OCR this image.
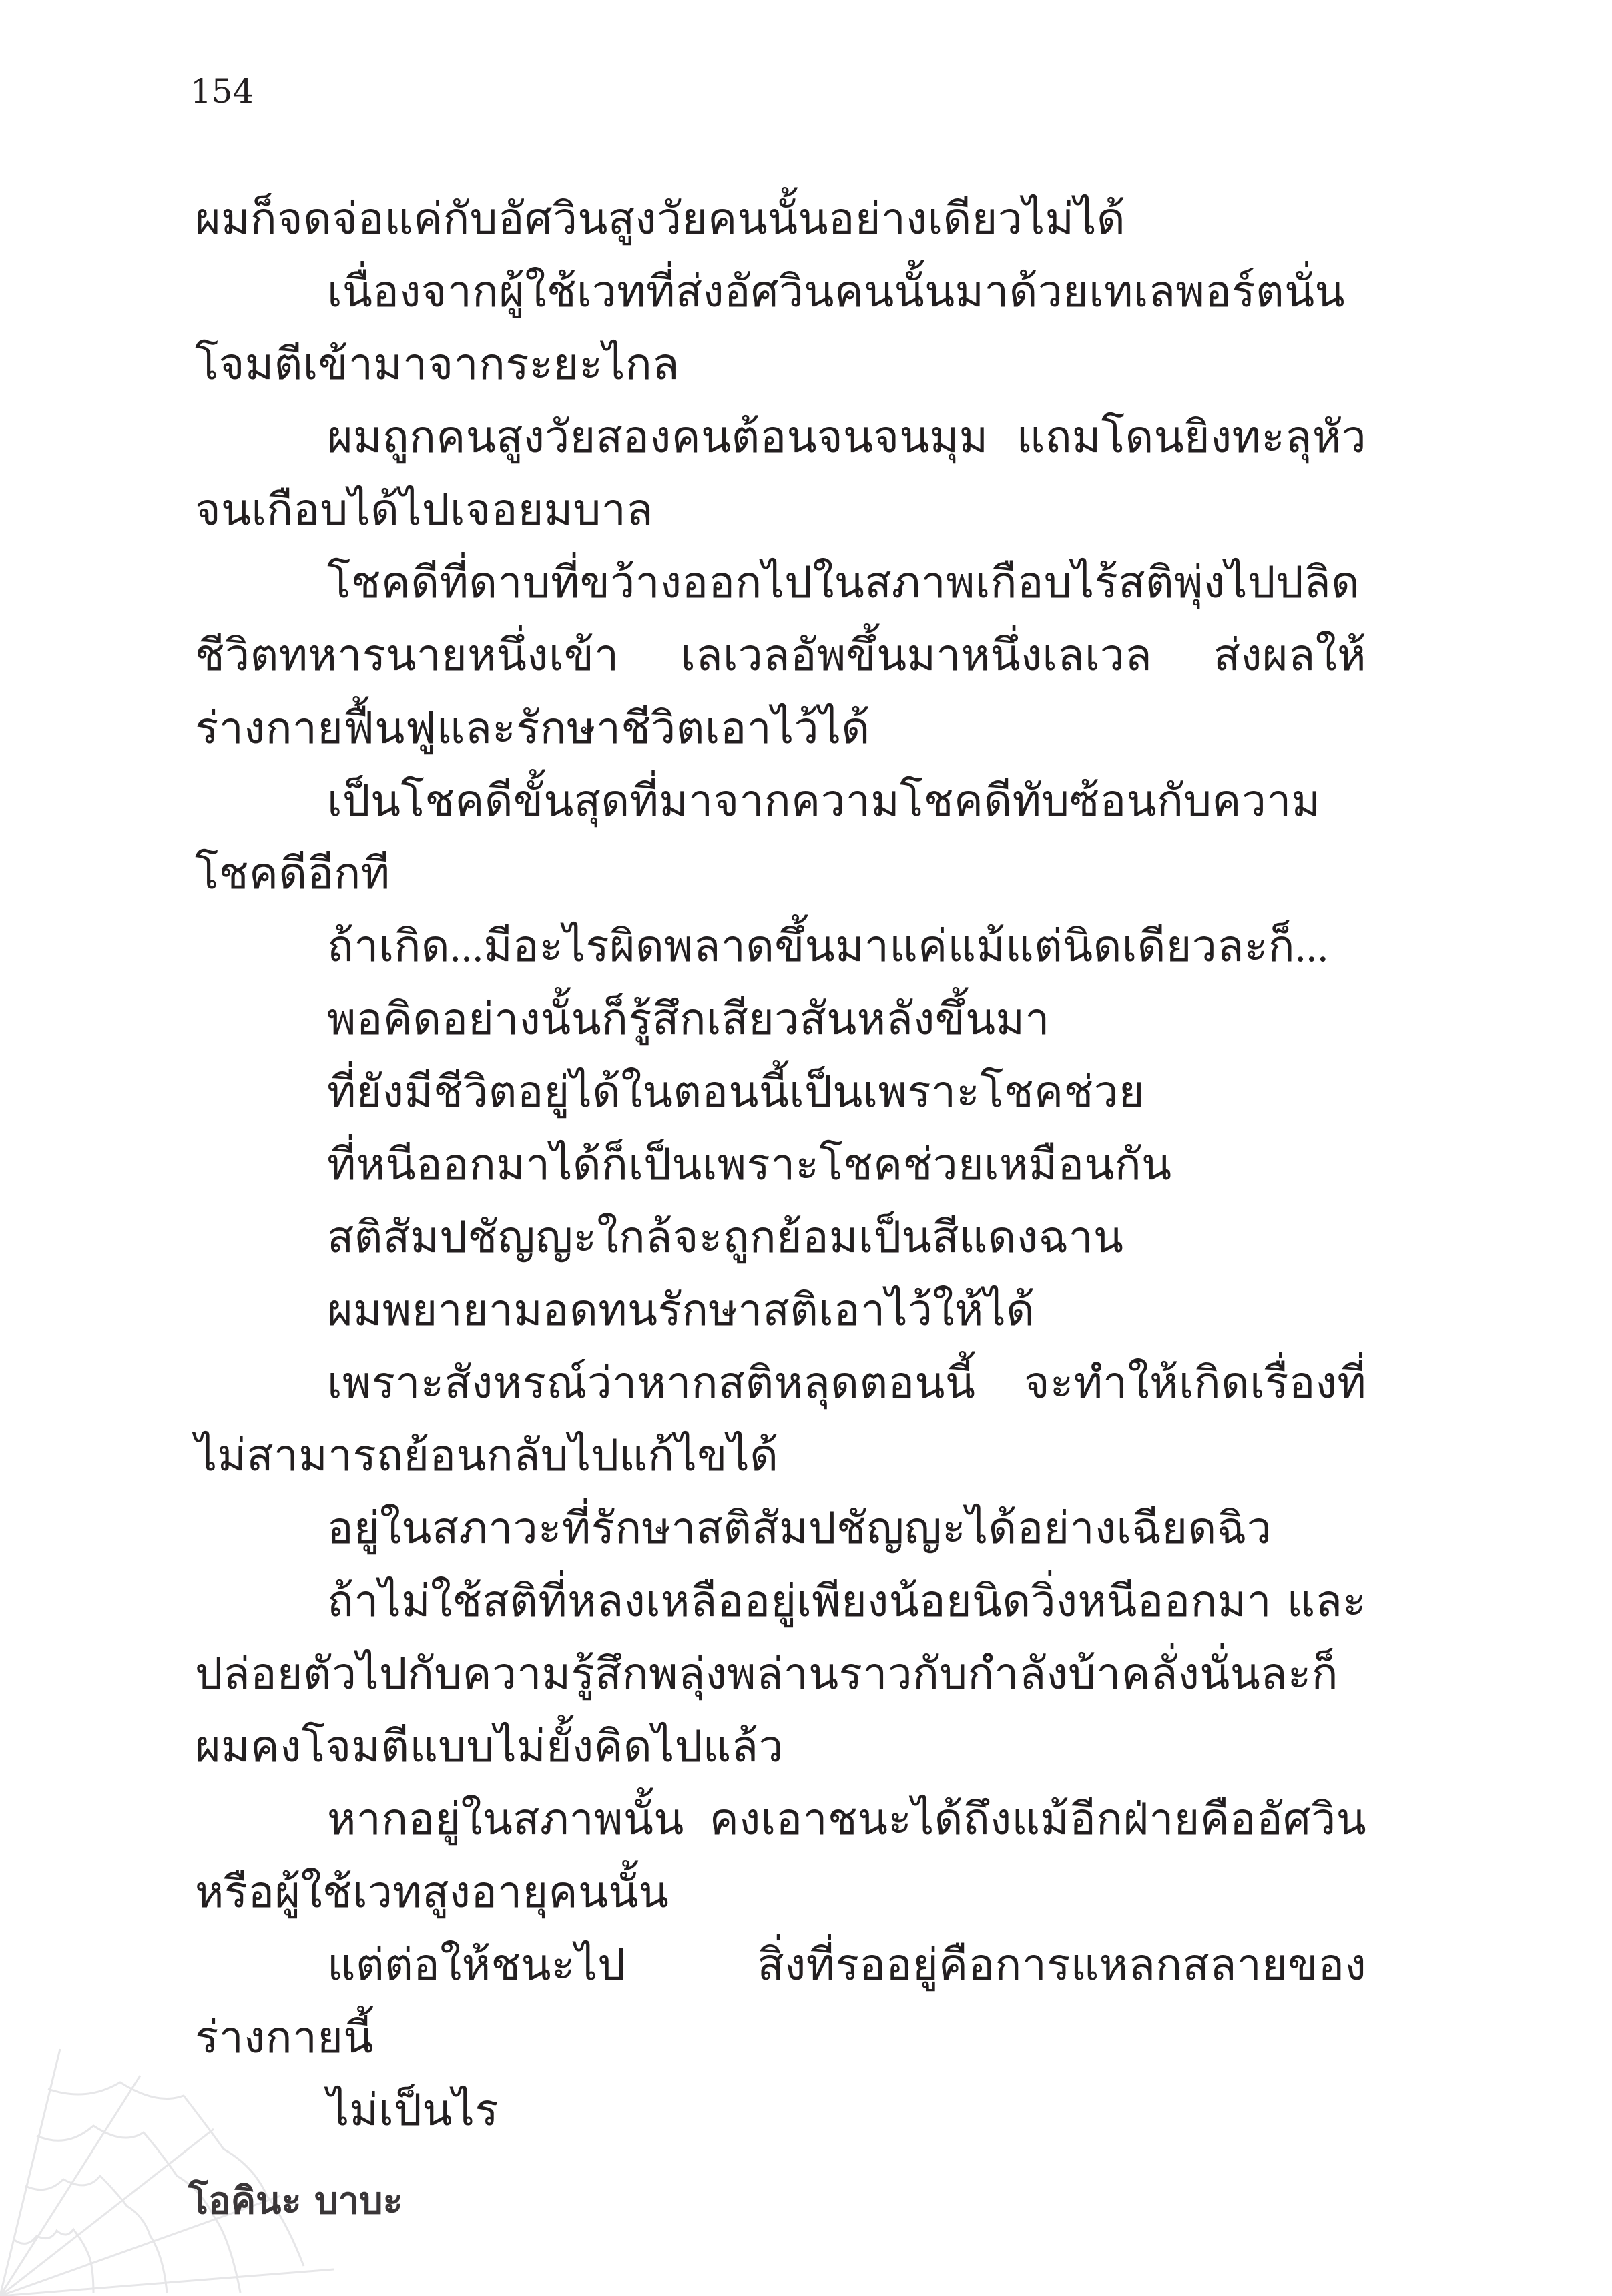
154

ผมก็จดจ่อแค่กับอัศวินสูงวัยคนนั้นอย่างเดียวไม่ได้

เนื่องจากผู้ใช้เวทที่ส่งอัศวินคนนั้นมาด้วยเทเลพอร์ตนั่นโจมตีเข้ามาจากระยะไกล

ผมถูกคนสูงวัยสองคนต้อนจนจนมุม แถมโดนยิงทะลุหัวจนเกือบได้ไปเจอยมบาล

โชคดีที่ดาบที่ขว้างออกไปในสภาพเกือบไร้สติพุ่งไปปลิดชีวิตทหารนายหนึ่งเข้า เลเวลอัพขึ้นมาหนึ่งเลเวล ส่งผลให้ร่างกายฟื้นฟูและรักษาชีวิตเอาไว้ได้

เป็นโชคดีขั้นสุดที่มาจากความโชคดีทับซ้อนกับความโชคดีอีกที

ถ้าเกิด...มีอะไรผิดพลาดขึ้นมาแค่แม้แต่นิดเดียวละก็...

พอคิดอย่างนั้นก็รู้สึกเสียวสันหลังขึ้นมา

ที่ยังมีชีวิตอยู่ได้ในตอนนี้เป็นเพราะโชคช่วย

ที่หนีออกมาได้ก็เป็นเพราะโชคช่วยเหมือนกัน

สติสัมปชัญญะใกล้จะถูกย้อมเป็นสีแดงฉาน

ผมพยายามอดทนรักษาสติเอาไว้ให้ได้

เพราะสังหรณ์ว่าหากสติหลุดตอนนี้ จะทำให้เกิดเรื่องที่ไม่สามารถย้อนกลับไปแก้ไขได้

อยู่ในสภาวะที่รักษาสติสัมปชัญญะได้อย่างเฉียดฉิว

ถ้าไม่ใช้สติที่หลงเหลืออยู่เพียงน้อยนิดวิ่งหนีออกมา และปล่อยตัวไปกับความรู้สึกพลุ่งพล่านราวกับกำลังบ้าคลั่งนั่นละก็ ผมคงโจมตีแบบไม่ยั้งคิดไปแล้ว

หากอยู่ในสภาพนั้น คงเอาชนะได้ถึงแม้อีกฝ่ายคืออัศวินหรือผู้ใช้เวทสูงอายุคนนั้น

แต่ต่อให้ชนะไป สิ่งที่รออยู่คือการแหลกสลายของร่างกายนี้

ไม่เป็นไร

โอคินะ บาบะ
